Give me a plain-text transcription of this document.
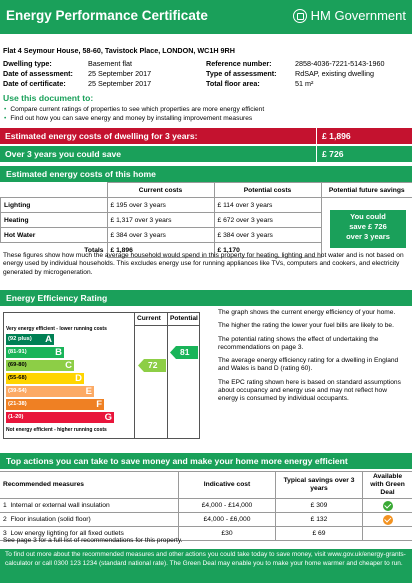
Energy Performance Certificate	HM Government
Flat 4 Seymour House, 58-60, Tavistock Place, LONDON, WC1H 9RH
Dwelling type:	Basement flat
Date of assessment: 25 September 2017
Date of certificate:	25 September 2017
Reference number:	2858-4036-7221-5143-1960
Type of assessment:	RdSAP, existing dwelling
Total floor area:	51 m²
Use this document to:
• Compare current ratings of properties to see which properties are more energy efficient
• Find out how you can save energy and money by installing improvement measures
Estimated energy costs of dwelling for 3 years:	£ 1,896
Over 3 years you could save	£ 726
Estimated energy costs of this home
	Current costs	Potential costs	Potential future savings
Lighting	£ 195 over 3 years	£ 114 over 3 years	
Heating	£ 1,317 over 3 years	£ 672 over 3 years	
Hot Water	£ 384 over 3 years	£ 384 over 3 years	
Totals	£ 1,896	£ 1,170	
You could
save £ 726
over 3 years
These figures show how much the average household would spend in this property for heating, lighting and hot water and is not based on energy used by individual households. This excludes energy use for running appliances like TVs, computers and cookers, and electricity generated by microgeneration.
Energy Efficiency Rating
Current Potential
Very energy efficient - lower running costs
Not energy efficient - higher running costs
(92 plus) A
(81-91)	B
(69-80)	C
(55-68)	D
(39-54)	E
(21-38)	F
(1-20)	G
72
81
The graph shows the current energy efficiency of your home.
The higher the rating the lower your fuel bills are likely to be.
The potential rating shows the effect of undertaking the recommendations on page 3.
The average energy efficiency rating for a dwelling in England and Wales is band D (rating 60).
The EPC rating shown here is based on standard assumptions about occupancy and energy use and may not reflect how energy is consumed by individual occupants.
Top actions you can take to save money and make your home more energy efficient
Recommended measures	Indicative cost	Typical savings over 3 years	Available with Green Deal
1 Internal or external wall insulation	£4,000 - £14,000	£ 309	
2 Floor insulation (solid floor)	£4,000 - £6,000	£ 132	
3 Low energy lighting for all fixed outlets	£30	£ 69	
See page 3 for a full list of recommendations for this property.
To find out more about the recommended measures and other actions you could take today to save money, visit www.gov.uk/energy-grants-calculator or call 0300 123 1234 (standard national rate). The Green Deal may enable you to make your home warmer and cheaper to run.
